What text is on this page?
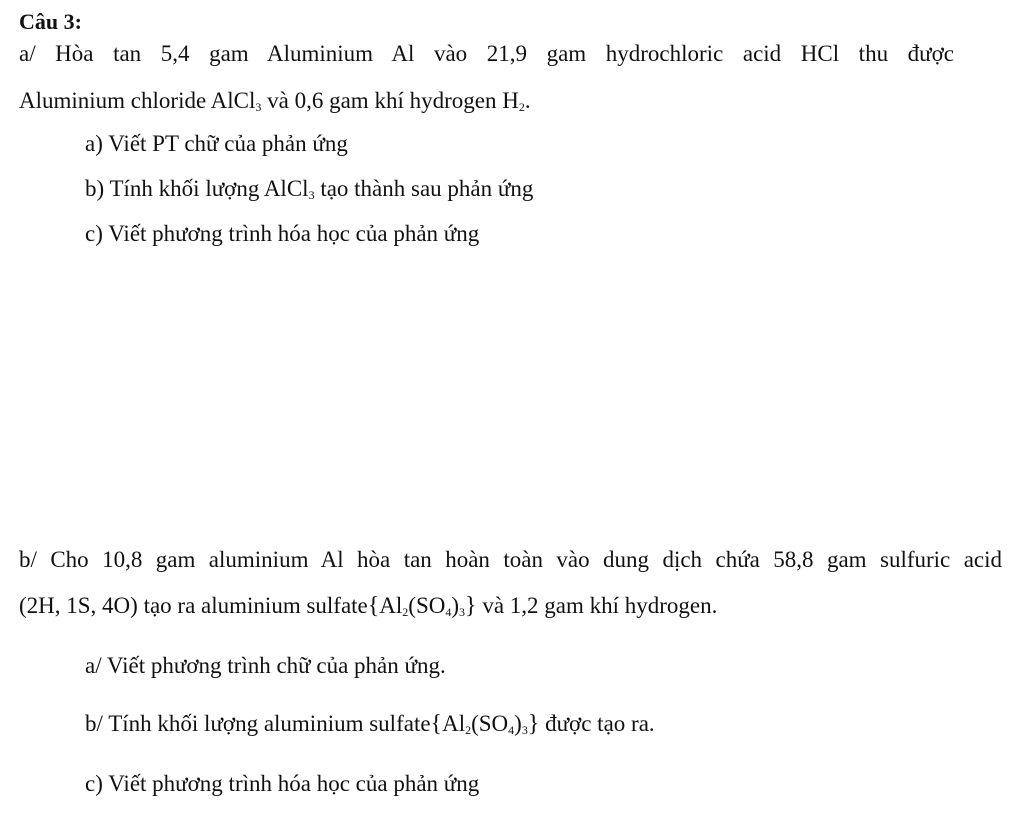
Câu 3:
a/ Hòa tan 5,4 gam Aluminium Al vào 21,9 gam hydrochloric acid HCl thu được
Aluminium chloride AlCl$_3$ và 0,6 gam khí hydrogen $H_2$.
a) Viết PT chữ của phản ứng
b) Tính khối lượng AlCl$_3$ tạo thành sau phản ứng
c) Viết phương trình hóa học của phản ứng
b/ Cho 10,8 gam aluminium Al hòa tan hoàn toàn vào dung dịch chứa 58,8 gam sulfuric acid
(2H, 1S, 4O) tạo ra aluminium $sulfate\{Al_2(SO_4)_3\}$ và 1,2 gam khí hydrogen.
a/ Viết phương trình chữ của phản ứng.
b/ Tính khối lượng aluminium $sulfate\{Al_2(SO_4)_3\}$ được tạo ra.
c) Viết phương trình hóa học của phản ứng
